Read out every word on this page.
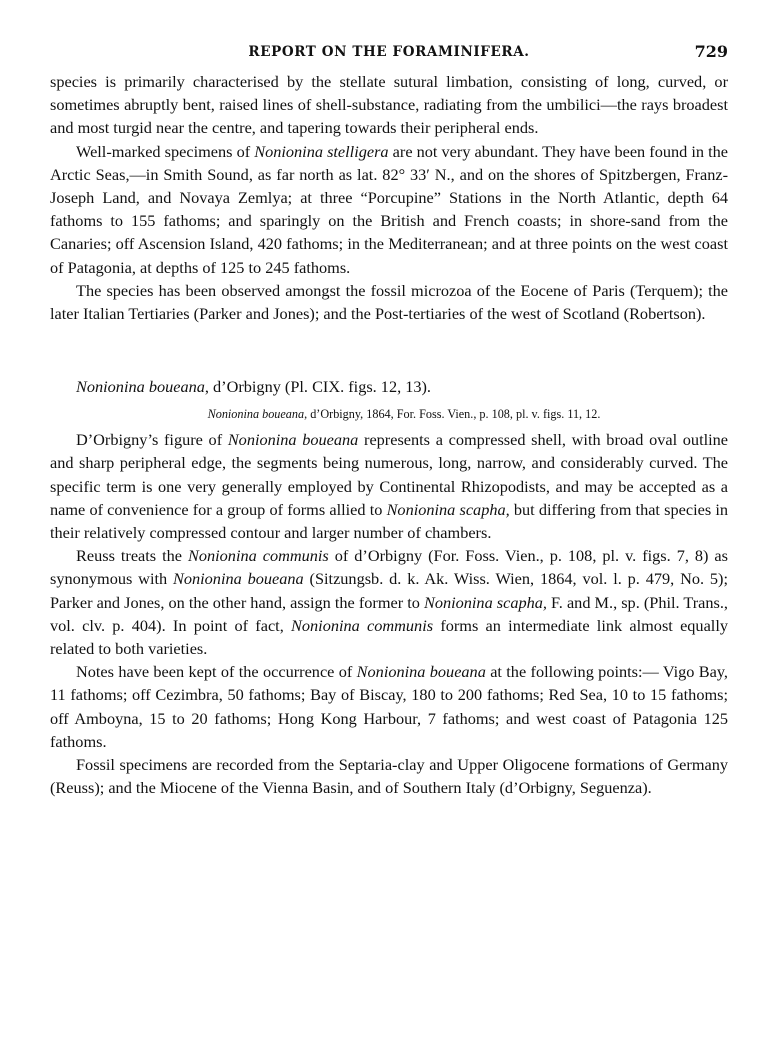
REPORT ON THE FORAMINIFERA.	729

species is primarily characterised by the stellate sutural limbation, consisting of long, curved, or sometimes abruptly bent, raised lines of shell-substance, radiating from the umbilici—the rays broadest and most turgid near the centre, and tapering towards their peripheral ends.

Well-marked specimens of Nonionina stelligera are not very abundant. They have been found in the Arctic Seas,—in Smith Sound, as far north as lat. 82° 33′ N., and on the shores of Spitzbergen, Franz-Joseph Land, and Novaya Zemlya; at three “Porcupine” Stations in the North Atlantic, depth 64 fathoms to 155 fathoms; and sparingly on the British and French coasts; in shore-sand from the Canaries; off Ascension Island, 420 fathoms; in the Mediterranean; and at three points on the west coast of Patagonia, at depths of 125 to 245 fathoms.

The species has been observed amongst the fossil microzoa of the Eocene of Paris (Terquem); the later Italian Tertiaries (Parker and Jones); and the Post-tertiaries of the west of Scotland (Robertson).

Nonionina boueana, d’Orbigny (Pl. CIX. figs. 12, 13).

Nonionina boueana, d’Orbigny, 1864, For. Foss. Vien., p. 108, pl. v. figs. 11, 12.

D’Orbigny’s figure of Nonionina boueana represents a compressed shell, with broad oval outline and sharp peripheral edge, the segments being numerous, long, narrow, and considerably curved. The specific term is one very generally employed by Continental Rhizopodists, and may be accepted as a name of convenience for a group of forms allied to Nonionina scapha, but differing from that species in their relatively compressed contour and larger number of chambers.

Reuss treats the Nonionina communis of d’Orbigny (For. Foss. Vien., p. 108, pl. v. figs. 7, 8) as synonymous with Nonionina boueana (Sitzungsb. d. k. Ak. Wiss. Wien, 1864, vol. l. p. 479, No. 5); Parker and Jones, on the other hand, assign the former to Nonionina scapha, F. and M., sp. (Phil. Trans., vol. clv. p. 404). In point of fact, Nonionina communis forms an intermediate link almost equally related to both varieties.

Notes have been kept of the occurrence of Nonionina boueana at the following points:— Vigo Bay, 11 fathoms; off Cezimbra, 50 fathoms; Bay of Biscay, 180 to 200 fathoms; Red Sea, 10 to 15 fathoms; off Amboyna, 15 to 20 fathoms; Hong Kong Harbour, 7 fathoms; and west coast of Patagonia 125 fathoms.

Fossil specimens are recorded from the Septaria-clay and Upper Oligocene formations of Germany (Reuss); and the Miocene of the Vienna Basin, and of Southern Italy (d’Orbigny, Seguenza).
